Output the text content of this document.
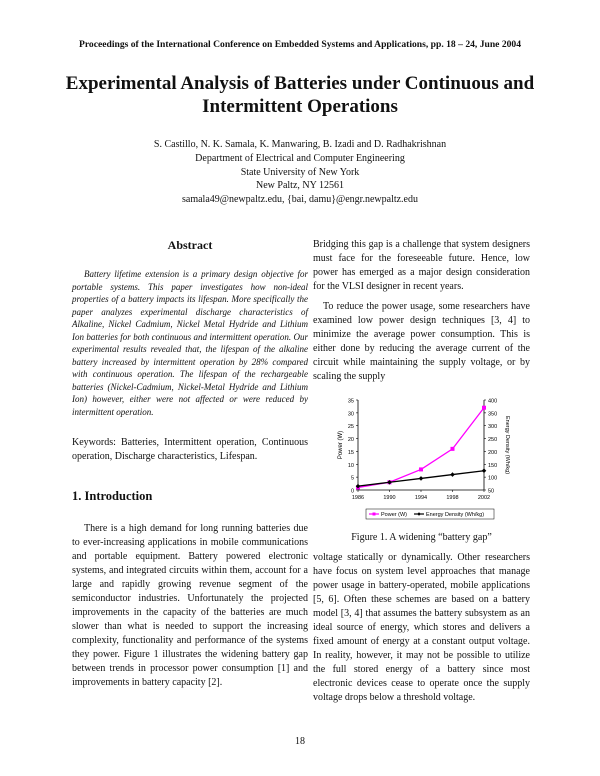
Proceedings of the International Conference on Embedded Systems and Applications, pp. 18 – 24, June 2004
Experimental Analysis of Batteries under Continuous and Intermittent Operations
S. Castillo, N. K. Samala, K. Manwaring, B. Izadi and D. Radhakrishnan
Department of Electrical and Computer Engineering
State University of New York
New Paltz, NY 12561
samala49@newpaltz.edu, {bai, damu}@engr.newpaltz.edu
Abstract
Battery lifetime extension is a primary design objective for portable systems. This paper investigates how non-ideal properties of a battery impacts its lifespan. More specifically the paper analyzes experimental discharge characteristics of Alkaline, Nickel Cadmium, Nickel Metal Hydride and Lithium Ion batteries for both continuous and intermittent operation. Our experimental results revealed that, the lifespan of the alkaline battery increased by intermittent operation by 28% compared with continuous operation. The lifespan of the rechargeable batteries (Nickel-Cadmium, Nickel-Metal Hydride and Lithium Ion) however, either were not affected or were reduced by intermittent operation.
Keywords: Batteries, Intermittent operation, Continuous operation, Discharge characteristics, Lifespan.
1. Introduction
There is a high demand for long running batteries due to ever-increasing applications in mobile communications and portable equipment. Battery powered electronic systems, and integrated circuits within them, account for a large and rapidly growing revenue segment of the semiconductor industries. Unfortunately the projected improvements in the capacity of the batteries are much slower than what is needed to support the increasing complexity, functionality and performance of the systems they power. Figure 1 illustrates the widening battery gap between trends in processor power consumption [1] and improvements in battery capacity [2].

Bridging this gap is a challenge that system designers must face for the foreseeable future. Hence, low power has emerged as a major design consideration for the VLSI designer in recent years.

To reduce the power usage, some researchers have examined low power design techniques [3, 4] to minimize the average power consumption. This is either done by reducing the average current of the circuit while maintaining the supply voltage, or by scaling the supply

0
5
10
15
20
25
30
35
50
100
150
200
250
300
350
400
1986	1990	1994	1998	2002
Power (W)	Energy Density (Wh/kg)
Power (W)	Energy Density (Wh/kg)
Figure 1. A widening “battery gap”
voltage statically or dynamically. Other researchers have focus on system level approaches that manage power usage in battery-operated, mobile applications [5, 6]. Often these schemes are based on a battery model [3, 4] that assumes the battery subsystem as an ideal source of energy, which stores and delivers a fixed amount of energy at a constant output voltage. In reality, however, it may not be possible to utilize the full stored energy of a battery since most electronic devices cease to operate once the supply voltage drops below a threshold voltage.
18
